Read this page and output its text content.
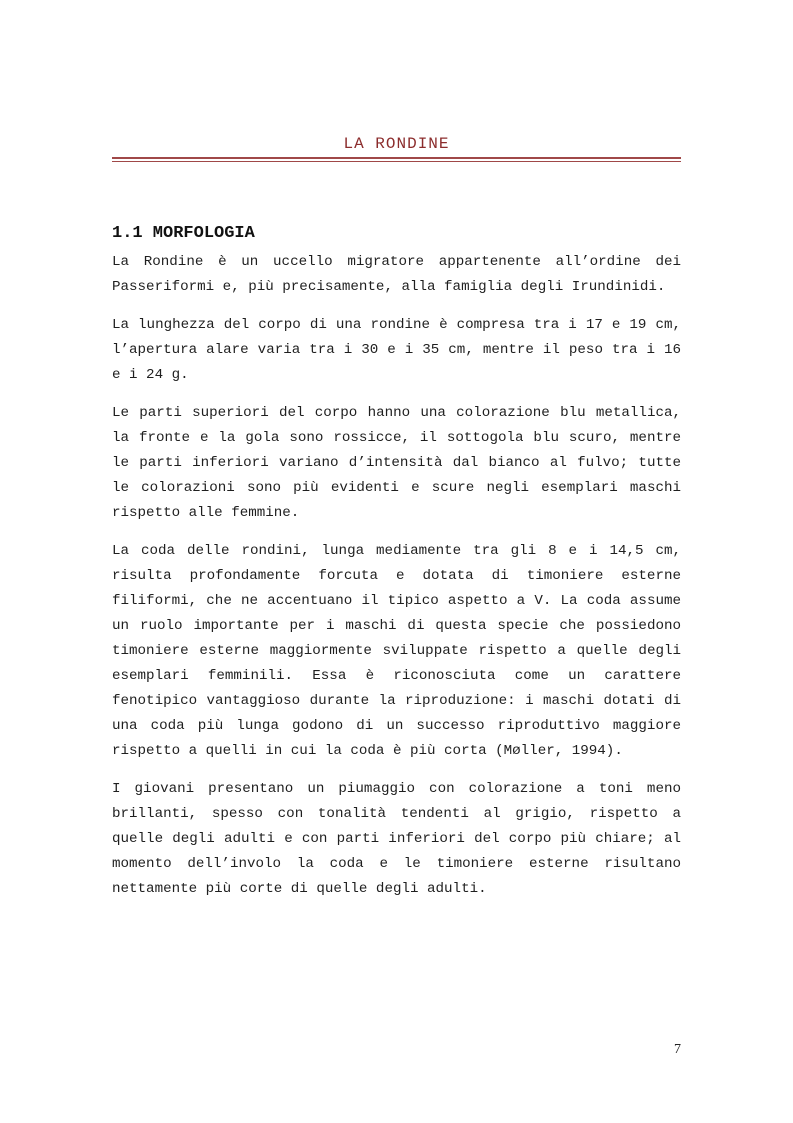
LA RONDINE
1.1 MORFOLOGIA

La Rondine è un uccello migratore appartenente all’ordine dei Passeriformi e, più precisamente, alla famiglia degli Irundinidi.

La lunghezza del corpo di una rondine è compresa tra i 17 e 19 cm, l’apertura alare varia tra i 30 e i 35 cm, mentre il peso tra i 16 e i 24 g.

Le parti superiori del corpo hanno una colorazione blu metallica, la fronte e la gola sono rossicce, il sottogola blu scuro, mentre le parti inferiori variano d’intensità dal bianco al fulvo; tutte le colorazioni sono più evidenti e scure negli esemplari maschi rispetto alle femmine.

La coda delle rondini, lunga mediamente tra gli 8 e i 14,5 cm, risulta profondamente forcuta e dotata di timoniere esterne filiformi, che ne accentuano il tipico aspetto a V. La coda assume un ruolo importante per i maschi di questa specie che possiedono timoniere esterne maggiormente sviluppate rispetto a quelle degli esemplari femminili. Essa è riconosciuta come un carattere fenotipico vantaggioso durante la riproduzione: i maschi dotati di una coda più lunga godono di un successo riproduttivo maggiore rispetto a quelli in cui la coda è più corta (Møller, 1994).

I giovani presentano un piumaggio con colorazione a toni meno brillanti, spesso con tonalità tendenti al grigio, rispetto a quelle degli adulti e con parti inferiori del corpo più chiare; al momento dell’involo la coda e le timoniere esterne risultano nettamente più corte di quelle degli adulti.

7
